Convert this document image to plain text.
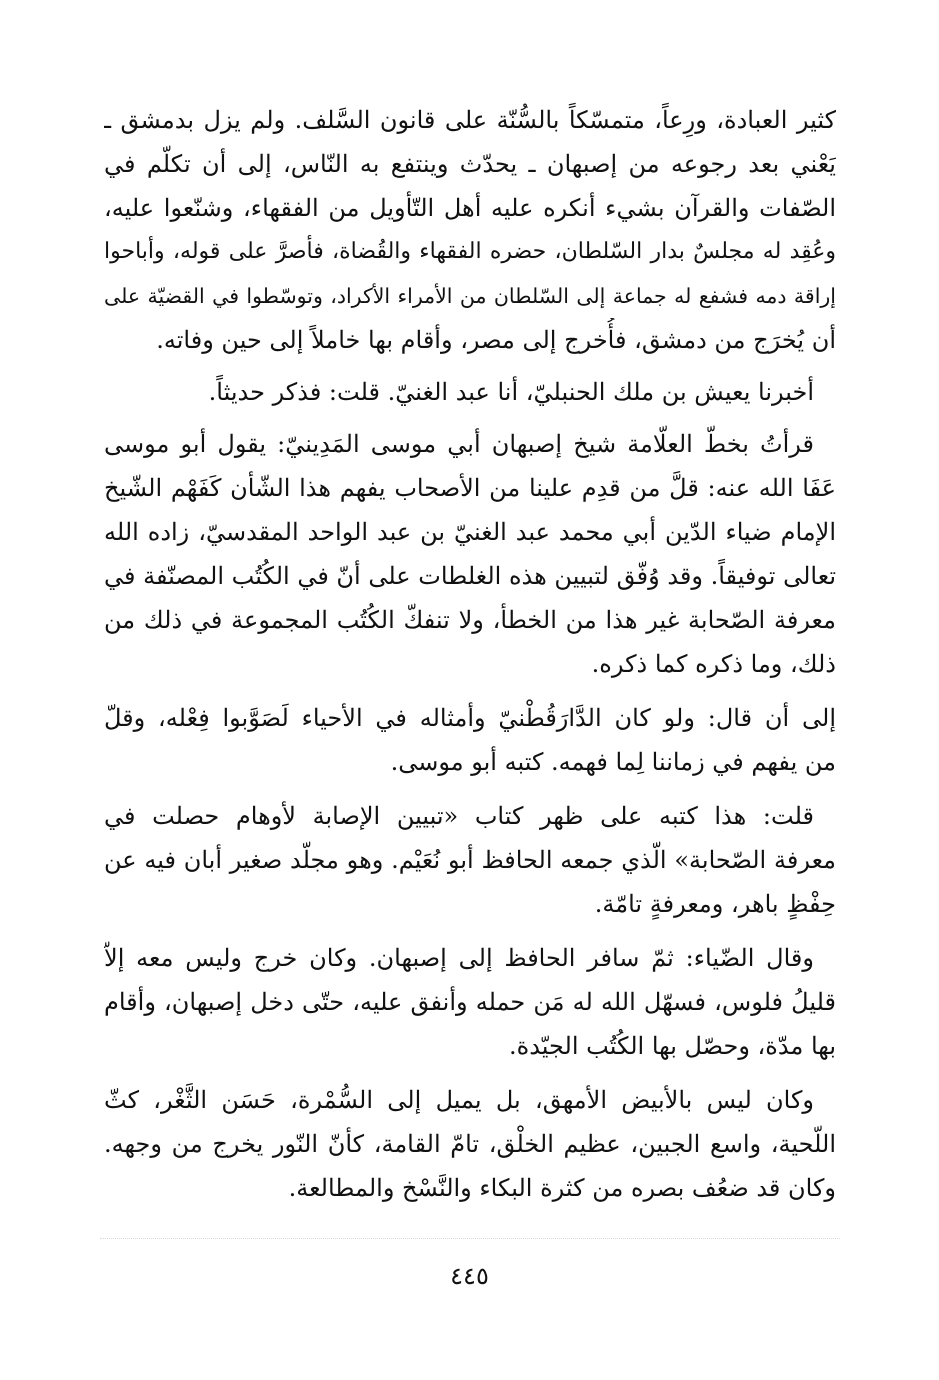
كثير العبادة، ورِعاً، متمسّكاً بالسُّنّة على قانون السَّلف. ولم يزل بدمشق ـ
يَعْني بعد رجوعه من إصبهان ـ يحدّث وينتفع به النّاس، إلى أن تكلّم في
الصّفات والقرآن بشيء أنكره عليه أهل التّأويل من الفقهاء، وشنّعوا عليه،
وعُقِد له مجلسٌ بدار السّلطان، حضره الفقهاء والقُضاة، فأصرَّ على قوله، وأباحوا
إراقة دمه فشفع له جماعة إلى السّلطان من الأمراء الأكراد، وتوسّطوا في القضيّة على
أن يُخرَج من دمشق، فأُخرج إلى مصر، وأقام بها خاملاً إلى حين وفاته.
أخبرنا يعيش بن ملك الحنبليّ، أنا عبد الغنيّ. قلت: فذكر حديثاً.
قرأتُ بخطّ العلّامة شيخ إصبهان أبي موسى المَدِينيّ: يقول أبو موسى
عَفَا الله عنه: قلَّ من قدِم علينا من الأصحاب يفهم هذا الشّأن كَفَهْم الشّيخ
الإمام ضياء الدّين أبي محمد عبد الغنيّ بن عبد الواحد المقدسيّ، زاده الله
تعالى توفيقاً. وقد وُفّق لتبيين هذه الغلطات على أنّ في الكُتُب المصنّفة في
معرفة الصّحابة غير هذا من الخطأ، ولا تنفكّ الكُتُب المجموعة في ذلك من
ذلك، وما ذكره كما ذكره.
إلى أن قال: ولو كان الدَّارَقُطْنيّ وأمثاله في الأحياء لَصَوَّبوا فِعْله، وقلّ
من يفهم في زماننا لِما فهمه. كتبه أبو موسى.
قلت: هذا كتبه على ظهر كتاب «تبيين الإصابة لأوهام حصلت في
معرفة الصّحابة» الّذي جمعه الحافظ أبو نُعَيْم. وهو مجلّد صغير أبان فيه عن
حِفْظٍ باهر، ومعرفةٍ تامّة.
وقال الضّياء: ثمّ سافر الحافظ إلى إصبهان. وكان خرج وليس معه إلاّ
قليلُ فلوس، فسهّل الله له مَن حمله وأنفق عليه، حتّى دخل إصبهان، وأقام
بها مدّة، وحصّل بها الكُتُب الجيّدة.
وكان ليس بالأبيض الأمهق، بل يميل إلى السُّمْرة، حَسَن الثَّغْر، كثّ
اللّحية، واسع الجبين، عظيم الخلْق، تامّ القامة، كأنّ النّور يخرج من وجهه.
وكان قد ضعُف بصره من كثرة البكاء والنَّسْخ والمطالعة.
٤٤٥
